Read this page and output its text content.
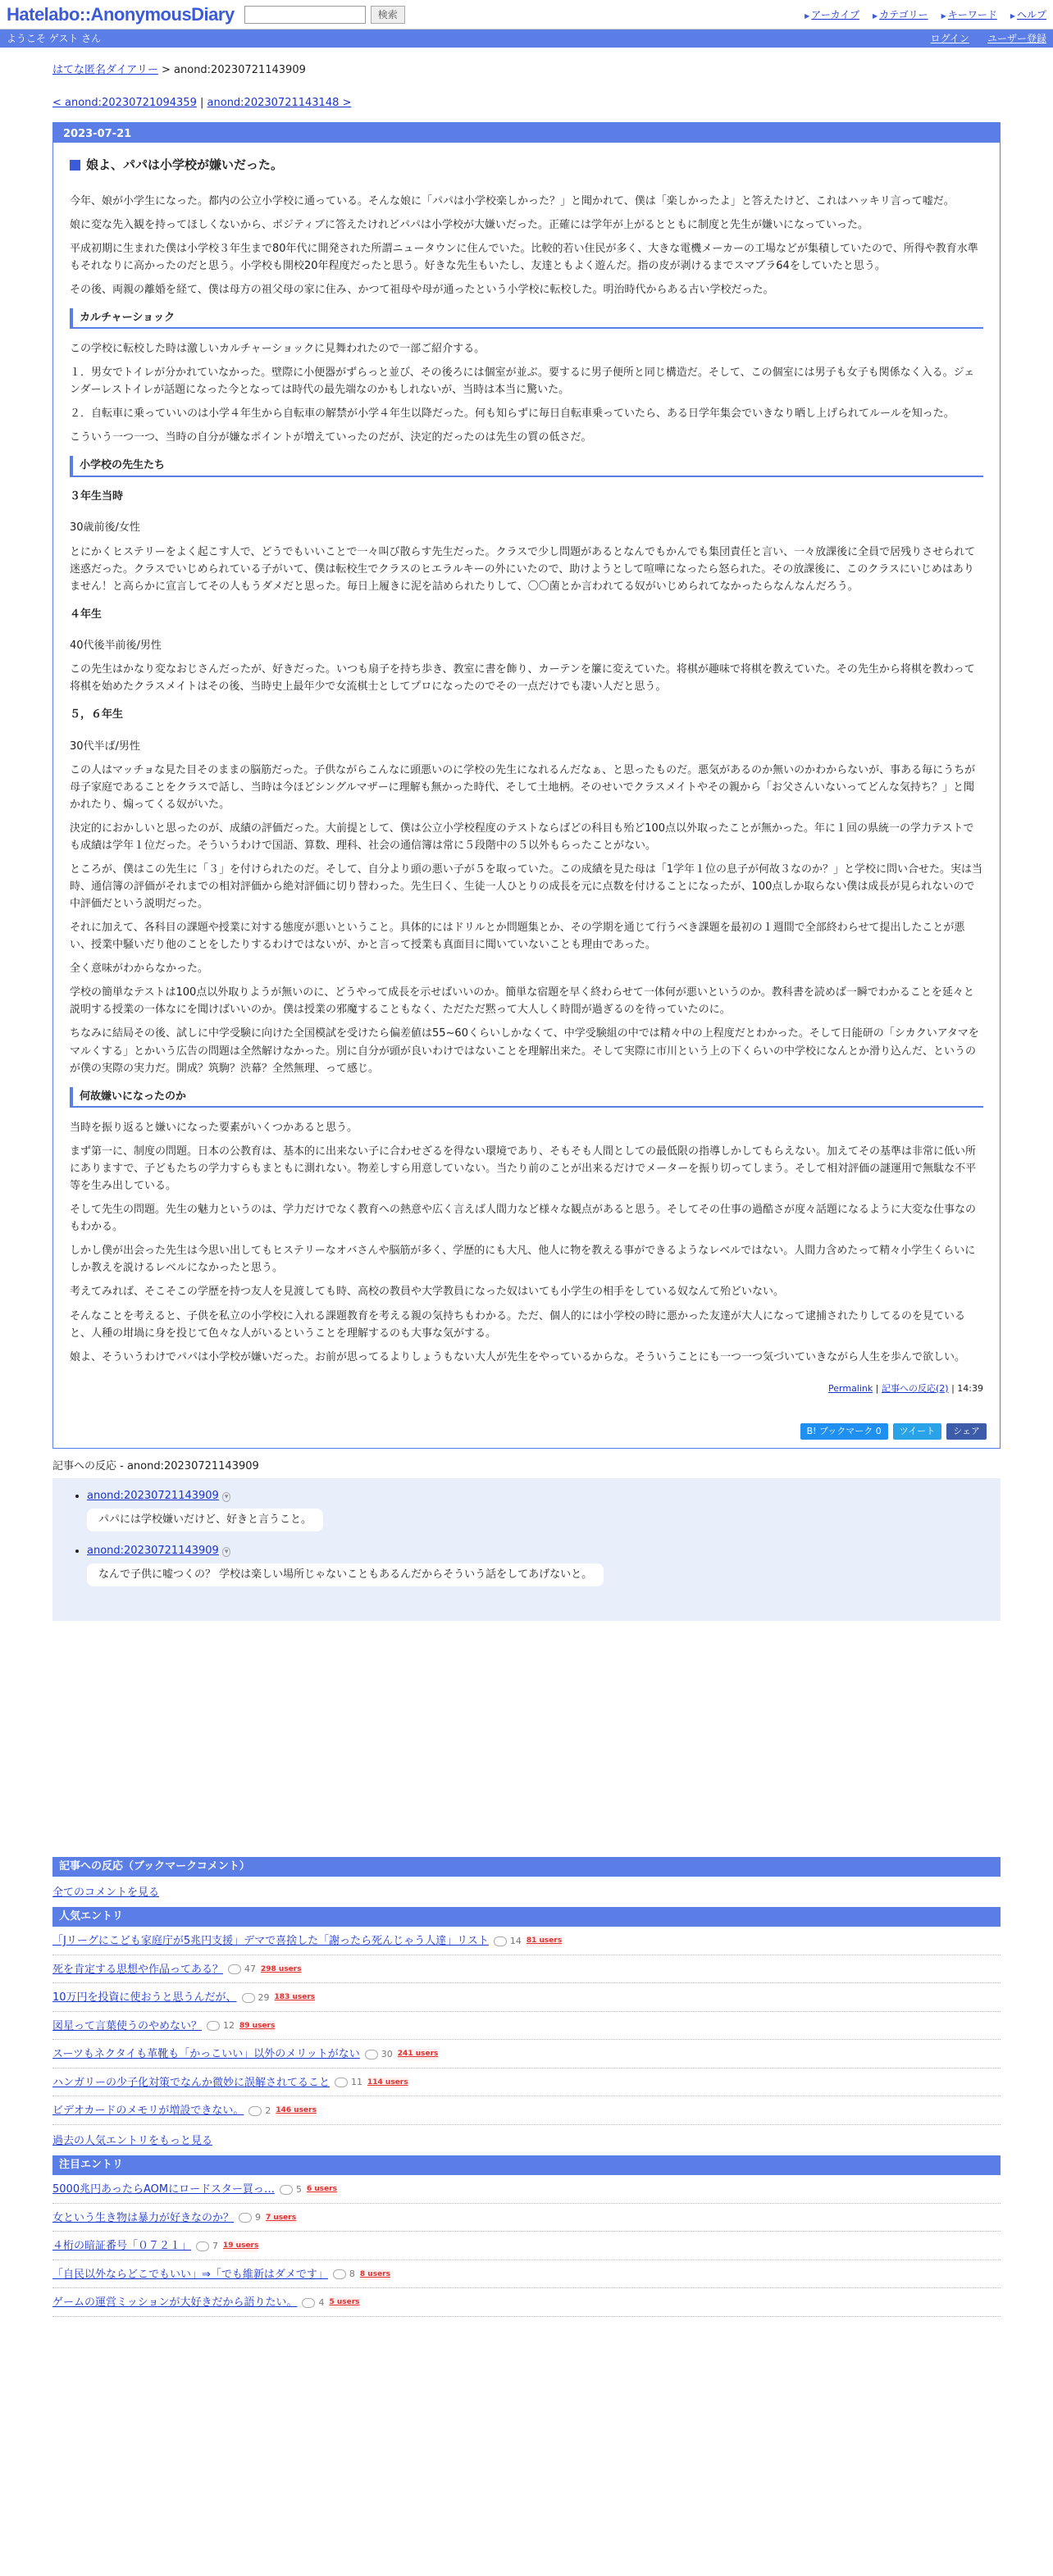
Hatelabo::AnonymousDiary	検索	▶ アーカイブ	▶ カテゴリー	▶ キーワード	▶ ヘルプ
ようこそ ゲスト さん	ログイン ユーザー登録
はてな匿名ダイアリー > anond:20230721143909
< anond:20230721094359 | anond:20230721143148 >
2023-07-21
娘よ、パパは小学校が嫌いだった。

今年、娘が小学生になった。都内の公立小学校に通っている。そんな娘に「パパは小学校楽しかった？」と聞かれて、僕は「楽しかったよ」と答えたけど、これはハッキリ言って嘘だ。

娘に変な先入観を持ってほしくないから、ポジティブに答えたけれどパパは小学校が大嫌いだった。正確には学年が上がるとともに制度と先生が嫌いになっていった。

平成初期に生まれた僕は小学校３年生まで80年代に開発された所謂ニュータウンに住んでいた。比較的若い住民が多く、大きな電機メーカーの工場などが集積していたので、所得や教育水準もそれなりに高かったのだと思う。小学校も開校20年程度だったと思う。好きな先生もいたし、友達ともよく遊んだ。指の皮が剥けるまでスマブラ64をしていたと思う。

その後、両親の離婚を経て、僕は母方の祖父母の家に住み、かつて祖母や母が通ったという小学校に転校した。明治時代からある古い学校だった。

カルチャーショック

この学校に転校した時は激しいカルチャーショックに見舞われたので一部ご紹介する。

１．男女でトイレが分かれていなかった。壁際に小便器がずらっと並び、その後ろには個室が並ぶ。要するに男子便所と同じ構造だ。そして、この個室には男子も女子も関係なく入る。ジェンダーレストイレが話題になった今となっては時代の最先端なのかもしれないが、当時は本当に驚いた。

２．自転車に乗っていいのは小学４年生から自転車の解禁が小学４年生以降だった。何も知らずに毎日自転車乗っていたら、ある日学年集会でいきなり晒し上げられてルールを知った。

こういう一つ一つ、当時の自分が嫌なポイントが増えていったのだが、決定的だったのは先生の質の低さだ。

小学校の先生たち
３年生当時

30歳前後/女性

とにかくヒステリーをよく起こす人で、どうでもいいことで一々叫び散らす先生だった。クラスで少し問題があるとなんでもかんでも集団責任と言い、一々放課後に全員で居残りさせられて迷惑だった。クラスでいじめられている子がいて、僕は転校生でクラスのヒエラルキーの外にいたので、助けようとして喧嘩になったら怒られた。その放課後に、このクラスにいじめはありません！と高らかに宣言してその人もうダメだと思った。毎日上履きに泥を詰められたりして、〇〇菌とか言われてる奴がいじめられてなかったらなんなんだろう。

４年生

40代後半前後/男性

この先生はかなり変なおじさんだったが、好きだった。いつも扇子を持ち歩き、教室に書を飾り、カーテンを簾に変えていた。将棋が趣味で将棋を教えていた。その先生から将棋を教わって将棋を始めたクラスメイトはその後、当時史上最年少で女流棋士としてプロになったのでその一点だけでも凄い人だと思う。

５，６年生

30代半ば/男性

この人はマッチョな見た目そのままの脳筋だった。子供ながらこんなに頭悪いのに学校の先生になれるんだなぁ、と思ったものだ。悪気があるのか無いのかわからないが、事ある毎にうちが母子家庭であることをクラスで話し、当時は今ほどシングルマザーに理解も無かった時代、そして土地柄。そのせいでクラスメイトやその親から「お父さんいないってどんな気持ち？」と聞かれたり、煽ってくる奴がいた。

決定的におかしいと思ったのが、成績の評価だった。大前提として、僕は公立小学校程度のテストならばどの科目も殆ど100点以外取ったことが無かった。年に１回の県統一の学力テストでも成績は学年１位だった。そういうわけで国語、算数、理科、社会の通信簿は常に５段階中の５以外もらったことがない。

ところが、僕はこの先生に「３」を付けられたのだ。そして、自分より頭の悪い子が５を取っていた。この成績を見た母は「1学年１位の息子が何故３なのか？」と学校に問い合せた。実は当時、通信簿の評価がそれまでの相対評価から絶対評価に切り替わった。先生曰く、生徒一人ひとりの成長を元に点数を付けることになったが、100点しか取らない僕は成長が見られないので中評価だという説明だった。

それに加えて、各科目の課題や授業に対する態度が悪いということ。具体的にはドリルとか問題集とか、その学期を通じて行うべき課題を最初の１週間で全部終わらせて提出したことが悪い、授業中騒いだり他のことをしたりするわけではないが、かと言って授業も真面目に聞いていないことも理由であった。

全く意味がわからなかった。

学校の簡単なテストは100点以外取りようが無いのに、どうやって成長を示せばいいのか。簡単な宿題を早く終わらせて一体何が悪いというのか。教科書を読めば一瞬でわかることを延々と説明する授業の一体なにを聞けばいいのか。僕は授業の邪魔することもなく、ただただ黙って大人しく時間が過ぎるのを待っていたのに。

ちなみに結局その後、試しに中学受験に向けた全国模試を受けたら偏差値は55~60くらいしかなくて、中学受験組の中では精々中の上程度だとわかった。そして日能研の「シカクいアタマをマルくする」とかいう広告の問題は全然解けなかった。別に自分が頭が良いわけではないことを理解出来た。そして実際に市川という上の下くらいの中学校になんとか滑り込んだ、というのが僕の実際の実力だ。開成？筑駒？渋幕？全然無理、って感じ。

何故嫌いになったのか

当時を振り返ると嫌いになった要素がいくつかあると思う。

まず第一に、制度の問題。日本の公教育は、基本的に出来ない子に合わせざるを得ない環境であり、そもそも人間としての最低限の指導しかしてもらえない。加えてその基準は非常に低い所にありますで、子どもたちの学力すらもまともに測れない。物差しすら用意していない。当たり前のことが出来るだけでメーターを振り切ってしまう。そして相対評価の謎運用で無駄な不平等を生み出している。

そして先生の問題。先生の魅力というのは、学力だけでなく教育への熱意や広く言えば人間力など様々な観点があると思う。そしてその仕事の過酷さが度々話題になるように大変な仕事なのもわかる。

しかし僕が出会った先生は今思い出してもヒステリーなオバさんや脳筋が多く、学歴的にも大凡、他人に物を教える事ができるようなレベルではない。人間力含めたって精々小学生くらいにしか教えを説けるレベルになかったと思う。

考えてみれば、そこそこの学歴を持つ友人を見渡しても時、高校の教員や大学教員になった奴はいても小学生の相手をしている奴なんて殆どいない。

そんなことを考えると、子供を私立の小学校に入れる課題教育を考える親の気持ちもわかる。ただ、個人的には小学校の時に悪かった友達が大人になって逮捕されたりしてるのを見ていると、人種の坩堝に身を投じて色々な人がいるということを理解するのも大事な気がする。

娘よ、そういうわけでパパは小学校が嫌いだった。お前が思ってるよりしょうもない大人が先生をやっているからな。そういうことにも一つ一つ気づいていきながら人生を歩んで欲しい。

Permalink | 記事への反応(2) | 14:39
B! ブックマーク 0	ツイート	シェア
記事への反応 - anond:20230721143909
• anond:20230721143909 ▾
パパには学校嫌いだけど、好きと言うこと。
• anond:20230721143909 ▾
なんで子供に嘘つくの？ 学校は楽しい場所じゃないこともあるんだからそういう話をしてあげないと。
記事への反応（ブックマークコメント）
全てのコメントを見る
人気エントリ
「Jリーグにこども家庭庁が5兆円支援」デマで喜捨した「謝ったら死んじゃう人達」リスト	14 81 users
死を肯定する思想や作品ってある？	47 298 users
10万円を投資に使おうと思うんだが、	29 183 users
図星って言葉使うのやめない？	12 89 users
スーツもネクタイも革靴も「かっこいい」以外のメリットがない	30 241 users
ハンガリーの少子化対策でなんか微妙に誤解されてること	11 114 users
ビデオカードのメモリが増設できない。	2 146 users
過去の人気エントリをもっと見る
注目エントリ
5000兆円あったらAOMにロードスター買っ…	5 6 users
女という生き物は暴力が好きなのか？	9 7 users
４桁の暗証番号「０７２１」	7 19 users
「自民以外ならどこでもいい」⇒「でも維新はダメです」	8 8 users
ゲームの運営ミッションが大好きだから語りたい。	4 5 users
